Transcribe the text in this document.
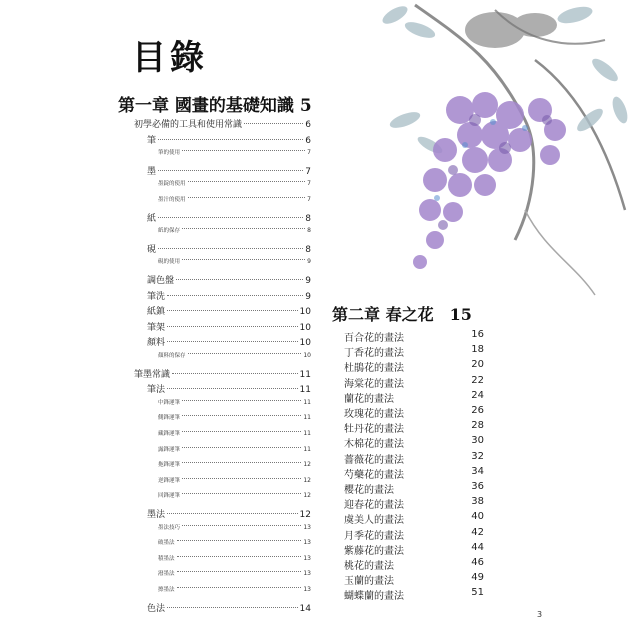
目錄
第一章 國畫的基礎知識 5
初學必備的工具和使用常識	6
筆	6
筆的使用	7
墨	7
墨錠的使用	7
墨汁的使用	7
紙	8
紙的保存	8
硯	8
硯的使用	9
調色盤	9
筆洗	9
紙鎮	10
筆架	10
顏料	10
顏料的保存	10
筆墨常識	11
筆法	11
中鋒運筆	11
側鋒運筆	11
藏鋒運筆	11
露鋒運筆	11
拖鋒運筆	12
逆鋒運筆	12
回鋒運筆	12
墨法	12
墨法技巧	13
破墨法	13
積墨法	13
潑墨法	13
擦墨法	13
色法	14
第二章 春之花　15
百合花的畫法	16
丁香花的畫法	18
杜鵑花的畫法	20
海棠花的畫法	22
蘭花的畫法	24
玫瑰花的畫法	26
牡丹花的畫法	28
木棉花的畫法	30
薔薇花的畫法	32
芍藥花的畫法	34
櫻花的畫法	36
迎春花的畫法	38
虞美人的畫法	40
月季花的畫法	42
紫藤花的畫法	44
桃花的畫法	46
玉蘭的畫法	49
蝴蝶蘭的畫法	51
3
